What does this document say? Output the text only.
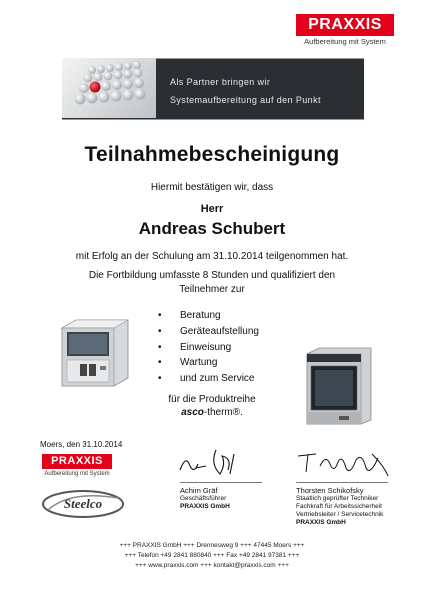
PRAXXIS
Aufbereitung mit System
Als Partner bringen wir
Systemaufbereitung auf den Punkt
Teilnahmebescheinigung
Hiermit bestätigen wir, dass
Herr
Andreas Schubert
mit Erfolg an der Schulung am 31.10.2014 teilgenommen hat.
Die Fortbildung umfasste 8 Stunden und qualifiziert den
Teilnehmer zur
• Beratung
• Geräteaufstellung
• Einweisung
• Wartung
• und zum Service
für die Produktreihe
asco-therm®.
Moers, den 31.10.2014
PRAXXIS
Aufbereitung mit System
Steelco
Achim Gräf
Geschäftsführer
PRAXXIS GmbH
Thorsten Schikofsky
Staatlich geprüfter Techniker
Fachkraft für Arbeitssicherheit
Vertriebsleiter / Servicetechnik
PRAXXIS GmbH
+++ PRAXXIS GmbH +++ Drennesweg 9 +++ 47445 Moers +++
+++ Telefon +49 2841 880840 +++ Fax +49 2841 97381 +++
+++ www.praxxis.com +++ kontakt@praxxis.com +++
